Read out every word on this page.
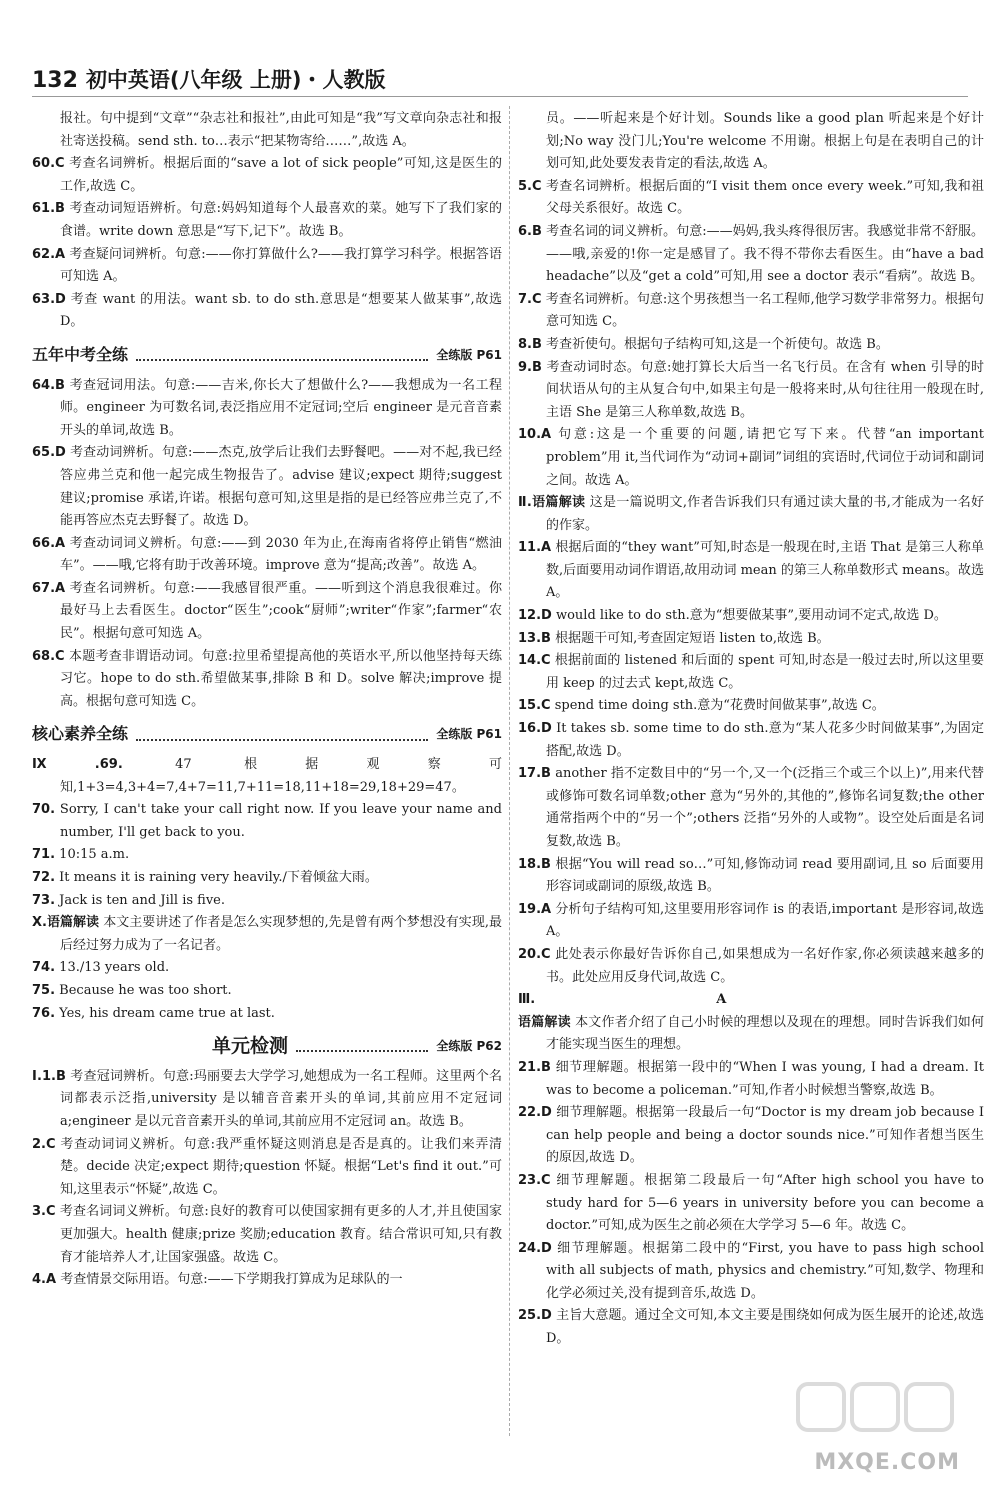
132 初中英语(八年级 上册)・人教版

报社。句中提到“文章”“杂志社和报社”,由此可知是“我”写文章向杂志社和报社寄送投稿。send sth. to…表示“把某物寄给……”,故选 A。

60.C 考查名词辨析。根据后面的“save a lot of sick people”可知,这是医生的工作,故选 C。

61.B 考查动词短语辨析。句意:妈妈知道每个人最喜欢的菜。她写下了我们家的食谱。write down 意思是“写下,记下”。故选 B。

62.A 考查疑问词辨析。句意:——你打算做什么?——我打算学习科学。根据答语可知选 A。

63.D 考查 want 的用法。want sb. to do sth.意思是“想要某人做某事”,故选 D。

五年中考全练	全练版 P61

64.B 考查冠词用法。句意:——吉米,你长大了想做什么?——我想成为一名工程师。engineer 为可数名词,表泛指应用不定冠词;空后 engineer 是元音音素开头的单词,故选 B。

65.D 考查动词辨析。句意:——杰克,放学后让我们去野餐吧。——对不起,我已经答应弗兰克和他一起完成生物报告了。advise 建议;expect 期待;suggest 建议;promise 承诺,许诺。根据句意可知,这里是指的是已经答应弗兰克了,不能再答应杰克去野餐了。故选 D。

66.A 考查动词词义辨析。句意:——到 2030 年为止,在海南省将停止销售“燃油车”。——哦,它将有助于改善环境。improve 意为“提高;改善”。故选 A。

67.A 考查名词辨析。句意:——我感冒很严重。——听到这个消息我很难过。你最好马上去看医生。doctor“医生”;cook“厨师”;writer“作家”;farmer“农民”。根据句意可知选 A。

68.C 本题考查非谓语动词。句意:拉里希望提高他的英语水平,所以他坚持每天练习它。hope to do sth.希望做某事,排除 B 和 D。solve 解决;improve 提高。根据句意可知选 C。

核心素养全练	全练版 P61

Ⅸ.69.	47 根据观察可知,1+3=4,3+4=7,4+7=11,7+11=18,11+18=29,18+29=47。

70. Sorry, I can't take your call right now. If you leave your name and number, I'll get back to you.

71. 10:15 a.m.

72. It means it is raining very heavily./下着倾盆大雨。

73. Jack is ten and Jill is five.

Ⅹ.语篇解读 本文主要讲述了作者是怎么实现梦想的,先是曾有两个梦想没有实现,最后经过努力成为了一名记者。

74. 13./13 years old.

75. Because he was too short.

76. Yes, his dream came true at last.

单元检测	全练版 P62

Ⅰ.1.B 考查冠词辨析。句意:玛丽要去大学学习,她想成为一名工程师。这里两个名词都表示泛指,university 是以辅音音素开头的单词,其前应用不定冠词 a;engineer 是以元音音素开头的单词,其前应用不定冠词 an。故选 B。

2.C 考查动词词义辨析。句意:我严重怀疑这则消息是否是真的。让我们来弄清楚。decide 决定;expect 期待;question 怀疑。根据“Let's find it out.”可知,这里表示“怀疑”,故选 C。

3.C 考查名词词义辨析。句意:良好的教育可以使国家拥有更多的人才,并且使国家更加强大。health 健康;prize 奖励;education 教育。结合常识可知,只有教育才能培养人才,让国家强盛。故选 C。

4.A 考查情景交际用语。句意:——下学期我打算成为足球队的一

员。——听起来是个好计划。Sounds like a good plan 听起来是个好计划;No way 没门儿;You're welcome 不用谢。根据上句是在表明自己的计划可知,此处要发表肯定的看法,故选 A。

5.C 考查名词辨析。根据后面的“I visit them once every week.”可知,我和祖父母关系很好。故选 C。

6.B 考查名词的词义辨析。句意:——妈妈,我头疼得很厉害。我感觉非常不舒服。——哦,亲爱的!你一定是感冒了。我不得不带你去看医生。由“have a bad headache”以及“get a cold”可知,用 see a doctor 表示“看病”。故选 B。

7.C 考查名词辨析。句意:这个男孩想当一名工程师,他学习数学非常努力。根据句意可知选 C。

8.B 考查祈使句。根据句子结构可知,这是一个祈使句。故选 B。

9.B 考查动词时态。句意:她打算长大后当一名飞行员。在含有 when 引导的时间状语从句的主从复合句中,如果主句是一般将来时,从句往往用一般现在时,主语 She 是第三人称单数,故选 B。

10.A 句意:这是一个重要的问题,请把它写下来。代替“an important problem”用 it,当代词作为“动词+副词”词组的宾语时,代词位于动词和副词之间。故选 A。

Ⅱ.语篇解读 这是一篇说明文,作者告诉我们只有通过读大量的书,才能成为一名好的作家。

11.A 根据后面的“they want”可知,时态是一般现在时,主语 That 是第三人称单数,后面要用动词作谓语,故用动词 mean 的第三人称单数形式 means。故选 A。

12.D would like to do sth.意为“想要做某事”,要用动词不定式,故选 D。

13.B 根据题干可知,考查固定短语 listen to,故选 B。

14.C 根据前面的 listened 和后面的 spent 可知,时态是一般过去时,所以这里要用 keep 的过去式 kept,故选 C。

15.C spend time doing sth.意为“花费时间做某事”,故选 C。

16.D It takes sb. some time to do sth.意为“某人花多少时间做某事”,为固定搭配,故选 D。

17.B another 指不定数目中的“另一个,又一个(泛指三个或三个以上)”,用来代替或修饰可数名词单数;other 意为“另外的,其他的”,修饰名词复数;the other 通常指两个中的“另一个”;others 泛指“另外的人或物”。设空处后面是名词复数,故选 B。

18.B 根据“You will read so…”可知,修饰动词 read 要用副词,且 so 后面要用形容词或副词的原级,故选 B。

19.A 分析句子结构可知,这里要用形容词作 is 的表语,important 是形容词,故选 A。

20.C 此处表示你最好告诉你自己,如果想成为一名好作家,你必须读越来越多的书。此处应用反身代词,故选 C。

Ⅲ.	A

语篇解读 本文作者介绍了自己小时候的理想以及现在的理想。同时告诉我们如何才能实现当医生的理想。

21.B 细节理解题。根据第一段中的“When I was young, I had a dream. It was to become a policeman.”可知,作者小时候想当警察,故选 B。

22.D 细节理解题。根据第一段最后一句“Doctor is my dream job because I can help people and being a doctor sounds nice.”可知作者想当医生的原因,故选 D。

23.C 细节理解题。根据第二段最后一句“After high school you have to study hard for 5—6 years in university before you can become a doctor.”可知,成为医生之前必须在大学学习 5—6 年。故选 C。

24.D 细节理解题。根据第二段中的“First, you have to pass high school with all subjects of math, physics and chemistry.”可知,数学、物理和化学必须过关,没有提到音乐,故选 D。

25.D 主旨大意题。通过全文可知,本文主要是围绕如何成为医生展开的论述,故选 D。

MXQE.COM
